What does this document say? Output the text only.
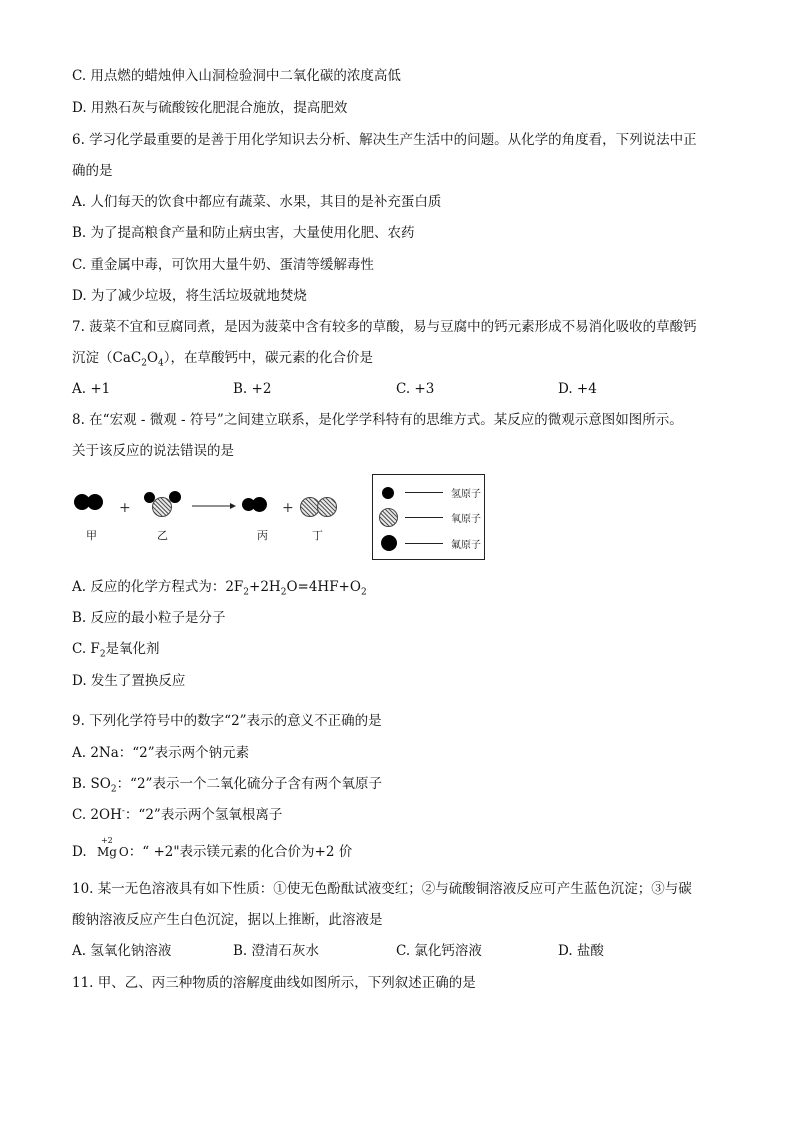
C. 用点燃的蜡烛伸入山洞检验洞中二氧化碳的浓度高低
D. 用熟石灰与硫酸铵化肥混合施放，提高肥效
6. 学习化学最重要的是善于用化学知识去分析、解决生产生活中的问题。从化学的角度看，下列说法中正
确的是
A. 人们每天的饮食中都应有蔬菜、水果，其目的是补充蛋白质
B. 为了提高粮食产量和防止病虫害，大量使用化肥、农药
C. 重金属中毒，可饮用大量牛奶、蛋清等缓解毒性
D. 为了减少垃圾，将生活垃圾就地焚烧
7. 菠菜不宜和豆腐同煮，是因为菠菜中含有较多的草酸，易与豆腐中的钙元素形成不易消化吸收的草酸钙
沉淀$(CaC_2O_4)$，在草酸钙中，碳元素的化合价是
A. +1	B. +2	C. +3	D. +4
8. 在“宏观 - 微观 - 符号”之间建立联系，是化学学科特有的思维方式。某反应的微观示意图如图所示。
关于该反应的说法错误的是
+	+
甲	乙	丙	丁
氢原子
氧原子
氟原子
A. 反应的化学方程式为：$2F_2+2H_2O=4HF+O_2$
B. 反应的最小粒子是分子
C. $F_2$是氧化剂
D. 发生了置换反应
9. 下列化学符号中的数字“2”表示的意义不正确的是
A. 2Na：“2”表示两个钠元素
B. $SO_2$：“2”表示一个二氧化硫分子含有两个氧原子
C. 2OH-：“2”表示两个氢氧根离子
D.
+2
Mg O：“ +2"表示镁元素的化合价为+2 价
10. 某一无色溶液具有如下性质：①使无色酚酞试液变红；②与硫酸铜溶液反应可产生蓝色沉淀；③与碳
酸钠溶液反应产生白色沉淀，据以上推断，此溶液是
A. 氢氧化钠溶液	B. 澄清石灰水	C. 氯化钙溶液	D. 盐酸
11. 甲、乙、丙三种物质的溶解度曲线如图所示，下列叙述正确的是
